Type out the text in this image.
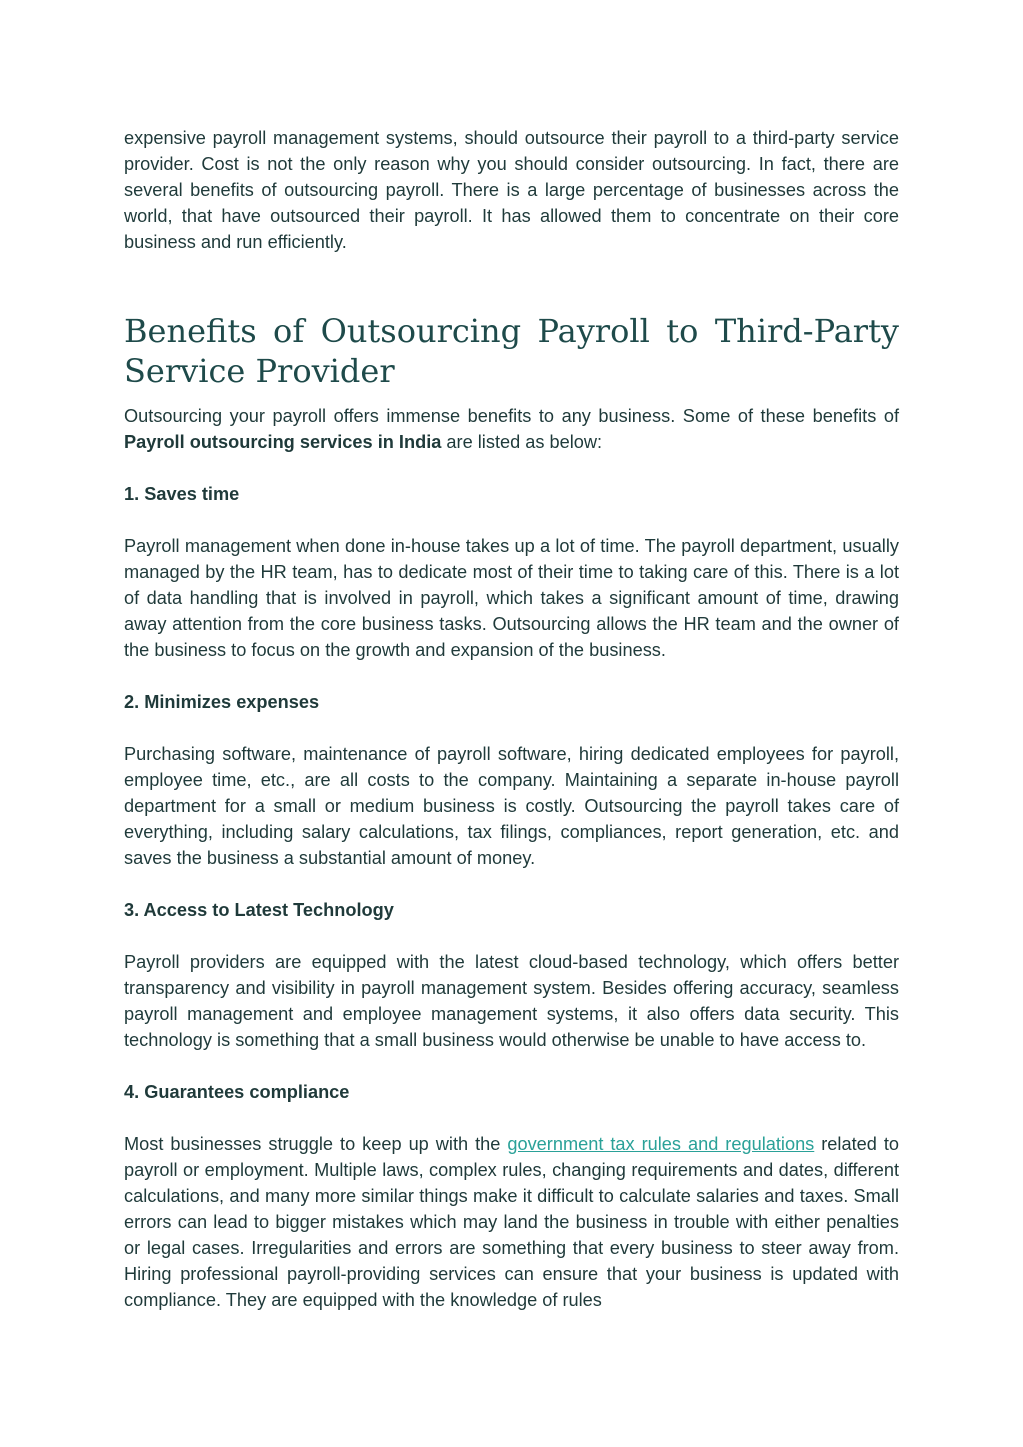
expensive payroll management systems, should outsource their payroll to a third-party service provider. Cost is not the only reason why you should consider outsourcing. In fact, there are several benefits of outsourcing payroll. There is a large percentage of businesses across the world, that have outsourced their payroll. It has allowed them to concentrate on their core business and run efficiently.

Benefits of Outsourcing Payroll to Third-Party Service Provider

Outsourcing your payroll offers immense benefits to any business. Some of these benefits of Payroll outsourcing services in India are listed as below:

1. Saves time

Payroll management when done in-house takes up a lot of time. The payroll department, usually managed by the HR team, has to dedicate most of their time to taking care of this. There is a lot of data handling that is involved in payroll, which takes a significant amount of time, drawing away attention from the core business tasks. Outsourcing allows the HR team and the owner of the business to focus on the growth and expansion of the business.

2. Minimizes expenses

Purchasing software, maintenance of payroll software, hiring dedicated employees for payroll, employee time, etc., are all costs to the company. Maintaining a separate in-house payroll department for a small or medium business is costly. Outsourcing the payroll takes care of everything, including salary calculations, tax filings, compliances, report generation, etc. and saves the business a substantial amount of money.

3. Access to Latest Technology

Payroll providers are equipped with the latest cloud-based technology, which offers better transparency and visibility in payroll management system. Besides offering accuracy, seamless payroll management and employee management systems, it also offers data security. This technology is something that a small business would otherwise be unable to have access to.

4. Guarantees compliance

Most businesses struggle to keep up with the government tax rules and regulations related to payroll or employment. Multiple laws, complex rules, changing requirements and dates, different calculations, and many more similar things make it difficult to calculate salaries and taxes. Small errors can lead to bigger mistakes which may land the business in trouble with either penalties or legal cases. Irregularities and errors are something that every business to steer away from. Hiring professional payroll-providing services can ensure that your business is updated with compliance. They are equipped with the knowledge of rules
